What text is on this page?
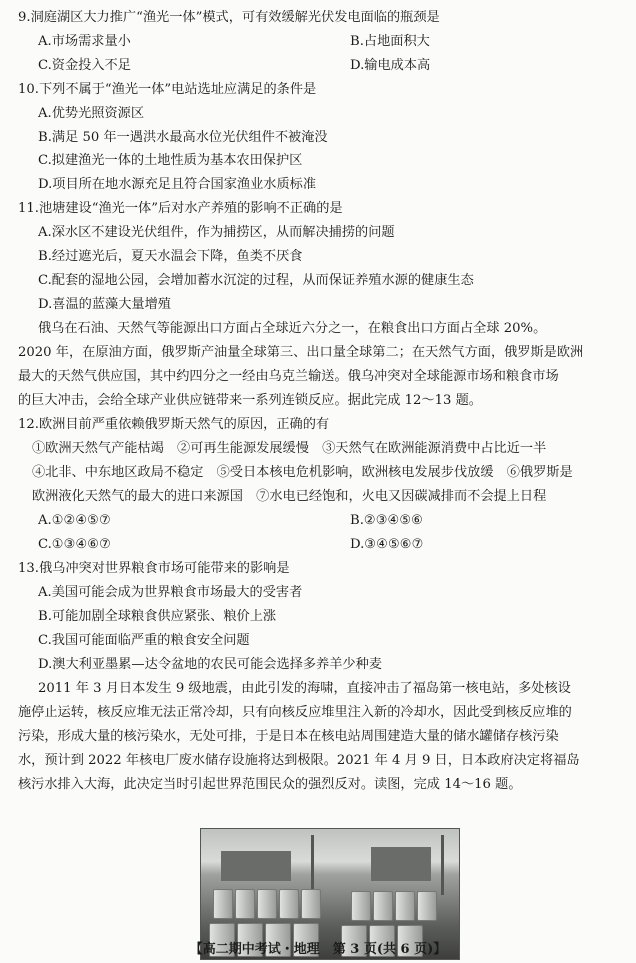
9.洞庭湖区大力推广“渔光一体”模式，可有效缓解光伏发电面临的瓶颈是
A.市场需求量小	B.占地面积大
C.资金投入不足	D.输电成本高
10.下列不属于“渔光一体”电站选址应满足的条件是
A.优势光照资源区
B.满足 50 年一遇洪水最高水位光伏组件不被淹没
C.拟建渔光一体的土地性质为基本农田保护区
D.项目所在地水源充足且符合国家渔业水质标准
11.池塘建设“渔光一体”后对水产养殖的影响不正确的是
A.深水区不建设光伏组件，作为捕捞区，从而解决捕捞的问题
B.经过遮光后，夏天水温会下降，鱼类不厌食
C.配套的湿地公园，会增加蓄水沉淀的过程，从而保证养殖水源的健康生态
D.喜温的蓝藻大量增殖
俄乌在石油、天然气等能源出口方面占全球近六分之一，在粮食出口方面占全球 20%。
2020 年，在原油方面，俄罗斯产油量全球第三、出口量全球第二；在天然气方面，俄罗斯是欧洲
最大的天然气供应国，其中约四分之一经由乌克兰输送。俄乌冲突对全球能源市场和粮食市场
的巨大冲击，会给全球产业供应链带来一系列连锁反应。据此完成 12～13 题。
12.欧洲目前严重依赖俄罗斯天然气的原因，正确的有
①欧洲天然气产能枯竭　②可再生能源发展缓慢　③天然气在欧洲能源消费中占比近一半
④北非、中东地区政局不稳定　⑤受日本核电危机影响，欧洲核电发展步伐放缓　⑥俄罗斯是
欧洲液化天然气的最大的进口来源国　⑦水电已经饱和，火电又因碳减排而不会提上日程
A.①②④⑤⑦	B.②③④⑤⑥
C.①③④⑥⑦	D.③④⑤⑥⑦
13.俄乌冲突对世界粮食市场可能带来的影响是
A.美国可能会成为世界粮食市场最大的受害者
B.可能加剧全球粮食供应紧张、粮价上涨
C.我国可能面临严重的粮食安全问题
D.澳大利亚墨累—达令盆地的农民可能会选择多养羊少种麦
2011 年 3 月日本发生 9 级地震，由此引发的海啸，直接冲击了福岛第一核电站，多处核设
施停止运转，核反应堆无法正常冷却，只有向核反应堆里注入新的冷却水，因此受到核反应堆的
污染，形成大量的核污染水，无处可排，于是日本在核电站周围建造大量的储水罐储存核污染
水，预计到 2022 年核电厂废水储存设施将达到极限。2021 年 4 月 9 日，日本政府决定将福岛
核污水排入大海，此决定当时引起世界范围民众的强烈反对。读图，完成 14～16 题。
【高二期中考试・地理　第 3 页(共 6 页)】
